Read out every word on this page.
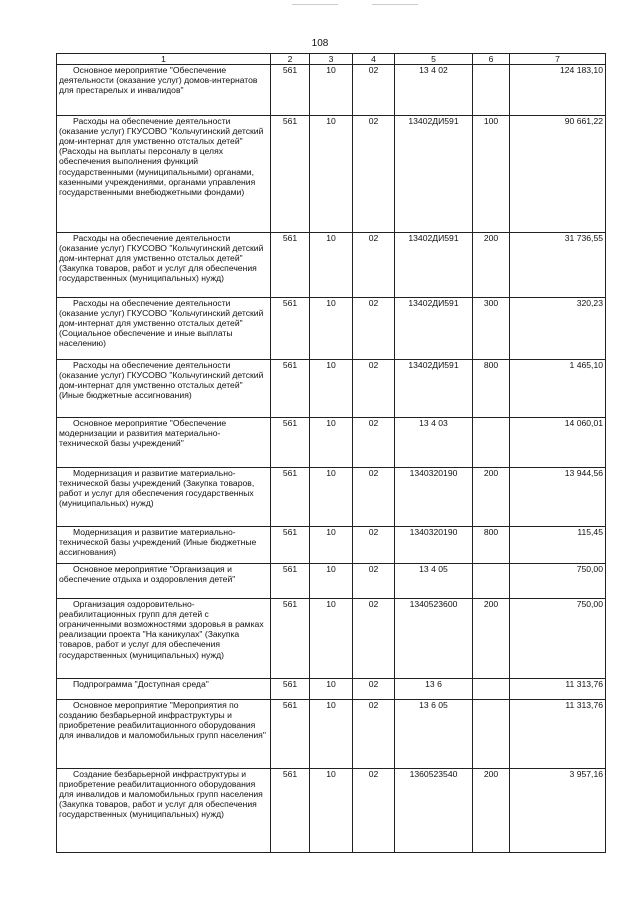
108
1	2	3	4	5	6	7
Основное мероприятие "Обеспечение деятельности (оказание услуг) домов-интернатов для престарелых и инвалидов"	561	10	02	13 4 02		124 183,10
Расходы на обеспечение деятельности (оказание услуг) ГКУСОВО "Кольчугинский детский дом-интернат для умственно отсталых детей" (Расходы на выплаты персоналу в целях обеспечения выполнения функций государственными (муниципальными) органами, казенными учреждениями, органами управления государственными внебюджетными фондами)	561	10	02	13402ДИ591	100	90 661,22
Расходы на обеспечение деятельности (оказание услуг) ГКУСОВО "Кольчугинский детский дом-интернат для умственно отсталых детей" (Закупка товаров, работ и услуг для обеспечения государственных (муниципальных) нужд)	561	10	02	13402ДИ591	200	31 736,55
Расходы на обеспечение деятельности (оказание услуг) ГКУСОВО "Кольчугинский детский дом-интернат для умственно отсталых детей" (Социальное обеспечение и иные выплаты населению)	561	10	02	13402ДИ591	300	320,23
Расходы на обеспечение деятельности (оказание услуг) ГКУСОВО "Кольчугинский детский дом-интернат для умственно отсталых детей" (Иные бюджетные ассигнования)	561	10	02	13402ДИ591	800	1 465,10
Основное мероприятие "Обеспечение модернизации и развития материально-технической базы учреждений"	561	10	02	13 4 03		14 060,01
Модернизация и развитие материально-технической базы учреждений (Закупка товаров, работ и услуг для обеспечения государственных (муниципальных) нужд)	561	10	02	1340320190	200	13 944,56
Модернизация и развитие материально-технической базы учреждений (Иные бюджетные ассигнования)	561	10	02	1340320190	800	115,45
Основное мероприятие "Организация и обеспечение отдыха и оздоровления детей"	561	10	02	13 4 05		750,00
Организация оздоровительно-реабилитационных групп для детей с ограниченными возможностями здоровья в рамках реализации проекта "На каникулах" (Закупка товаров, работ и услуг для обеспечения государственных (муниципальных) нужд)	561	10	02	1340523600	200	750,00
Подпрограмма "Доступная среда"	561	10	02	13 6		11 313,76
Основное мероприятие "Мероприятия по созданию безбарьерной инфраструктуры и приобретение реабилитационного оборудования для инвалидов и маломобильных групп населения"	561	10	02	13 6 05		11 313,76
Создание безбарьерной инфраструктуры и приобретение реабилитационного оборудования для инвалидов и маломобильных групп населения (Закупка товаров, работ и услуг для обеспечения государственных (муниципальных) нужд)	561	10	02	1360523540	200	3 957,16
